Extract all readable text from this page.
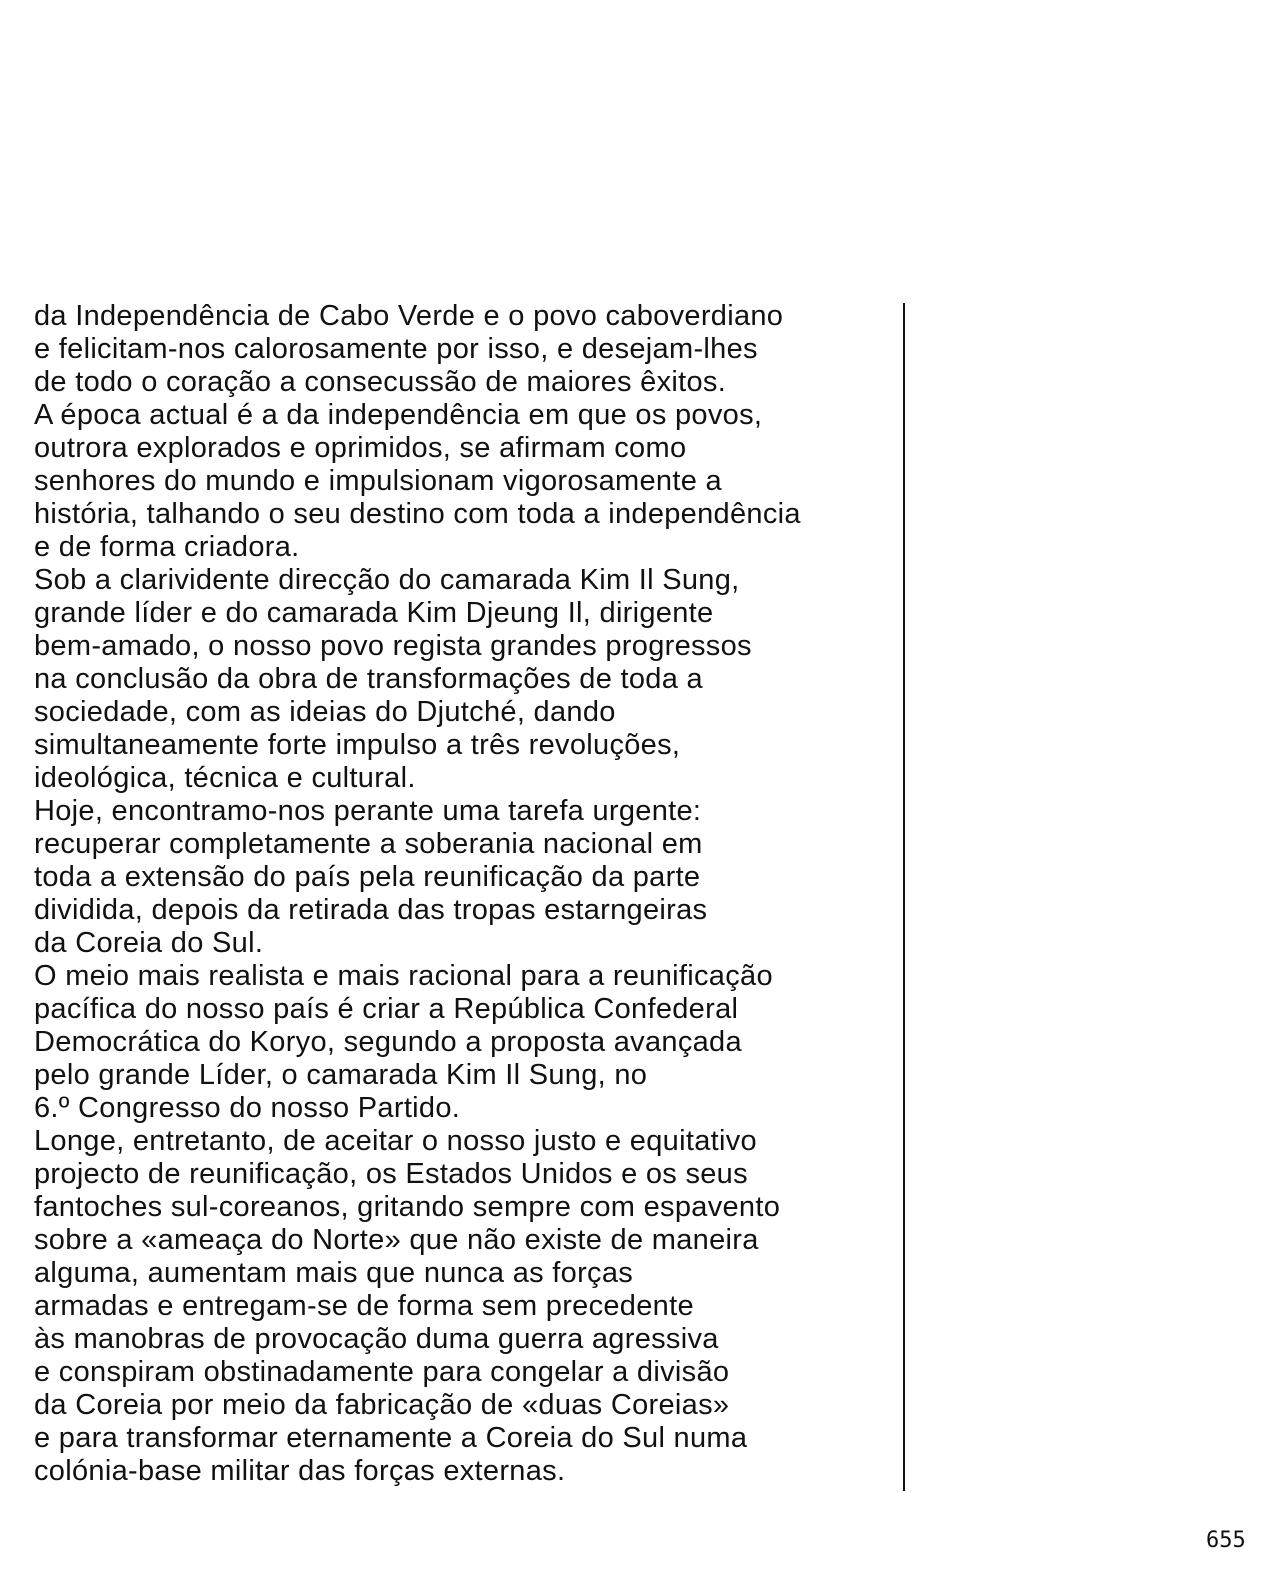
da Independência de Cabo Verde e o povo caboverdiano
e felicitam-nos calorosamente por isso, e desejam-lhes
de todo o coração a consecussão de maiores êxitos.
A época actual é a da independência em que os povos,
outrora explorados e oprimidos, se afirmam como
senhores do mundo e impulsionam vigorosamente a
história, talhando o seu destino com toda a independência
e de forma criadora.
Sob a clarividente direcção do camarada Kim Il Sung,
grande líder e do camarada Kim Djeung Il, dirigente
bem-amado, o nosso povo regista grandes progressos
na conclusão da obra de transformações de toda a
sociedade, com as ideias do Djutché, dando
simultaneamente forte impulso a três revoluções,
ideológica, técnica e cultural.
Hoje, encontramo-nos perante uma tarefa urgente:
recuperar completamente a soberania nacional em
toda a extensão do país pela reunificação da parte
dividida, depois da retirada das tropas estarngeiras
da Coreia do Sul.
O meio mais realista e mais racional para a reunificação
pacífica do nosso país é criar a República Confederal
Democrática do Koryo, segundo a proposta avançada
pelo grande Líder, o camarada Kim Il Sung, no
6.º Congresso do nosso Partido.
Longe, entretanto, de aceitar o nosso justo e equitativo
projecto de reunificação, os Estados Unidos e os seus
fantoches sul-coreanos, gritando sempre com espavento
sobre a «ameaça do Norte» que não existe de maneira
alguma, aumentam mais que nunca as forças
armadas e entregam-se de forma sem precedente
às manobras de provocação duma guerra agressiva
e conspiram obstinadamente para congelar a divisão
da Coreia por meio da fabricação de «duas Coreias»
e para transformar eternamente a Coreia do Sul numa
colónia-base militar das forças externas.
655
